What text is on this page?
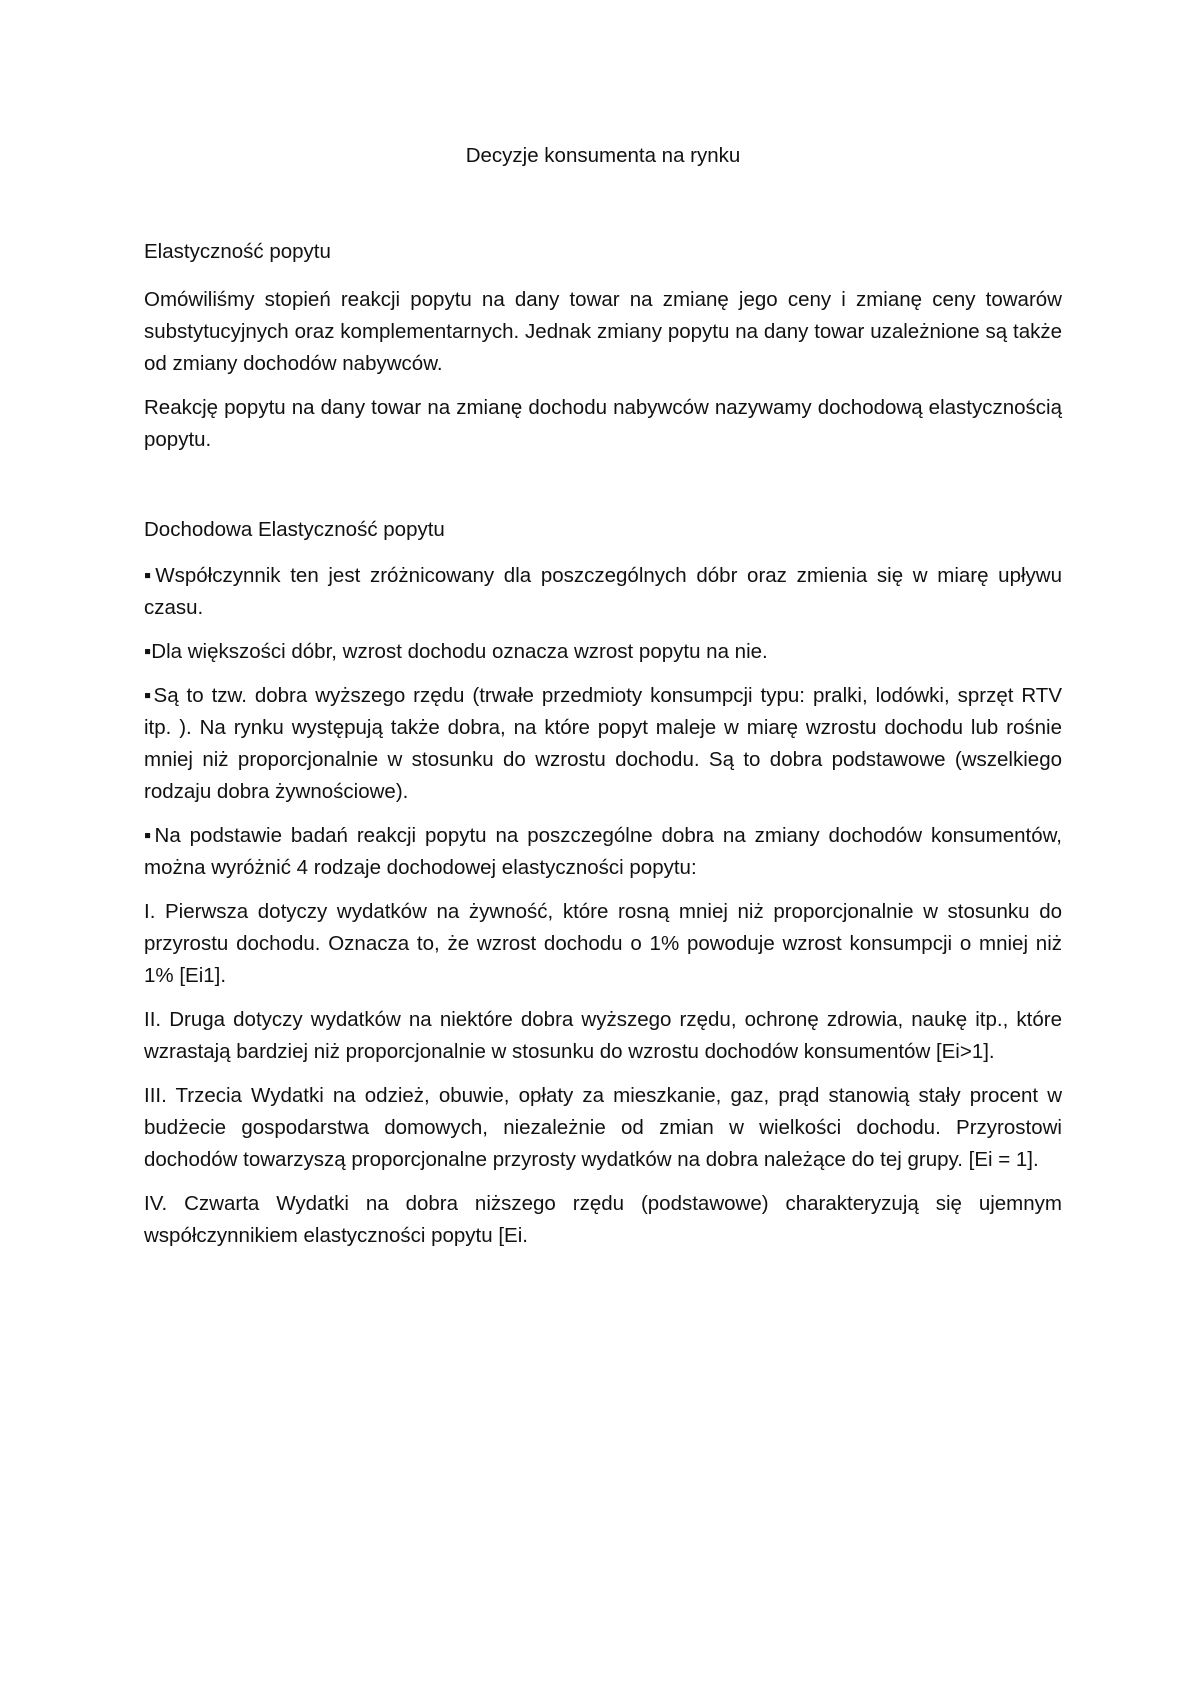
Decyzje konsumenta na rynku

Elastyczność popytu

Omówiliśmy stopień reakcji popytu na dany towar na zmianę jego ceny i zmianę ceny towarów substytucyjnych oraz komplementarnych. Jednak zmiany popytu na dany towar uzależnione są także od zmiany dochodów nabywców.

Reakcję popytu na dany towar na zmianę dochodu nabywców nazywamy dochodową elastycznością popytu.

Dochodowa Elastyczność popytu

▪Współczynnik ten jest zróżnicowany dla poszczególnych dóbr oraz zmienia się w miarę upływu czasu.

▪Dla większości dóbr, wzrost dochodu oznacza wzrost popytu na nie.

▪Są to tzw. dobra wyższego rzędu (trwałe przedmioty konsumpcji typu: pralki, lodówki, sprzęt RTV itp. ). Na rynku występują także dobra, na które popyt maleje w miarę wzrostu dochodu lub rośnie mniej niż proporcjonalnie w stosunku do wzrostu dochodu. Są to dobra podstawowe (wszelkiego rodzaju dobra żywnościowe).

▪Na podstawie badań reakcji popytu na poszczególne dobra na zmiany dochodów konsumentów, można wyróżnić 4 rodzaje dochodowej elastyczności popytu:

I. Pierwsza dotyczy wydatków na żywność, które rosną mniej niż proporcjonalnie w stosunku do przyrostu dochodu. Oznacza to, że wzrost dochodu o 1% powoduje wzrost konsumpcji o mniej niż 1% [Ei1].

II. Druga dotyczy wydatków na niektóre dobra wyższego rzędu, ochronę zdrowia, naukę itp., które wzrastają bardziej niż proporcjonalnie w stosunku do wzrostu dochodów konsumentów [Ei>1].

III. Trzecia Wydatki na odzież, obuwie, opłaty za mieszkanie, gaz, prąd stanowią stały procent w budżecie gospodarstwa domowych, niezależnie od zmian w wielkości dochodu. Przyrostowi dochodów towarzyszą proporcjonalne przyrosty wydatków na dobra należące do tej grupy. [Ei = 1].

IV. Czwarta Wydatki na dobra niższego rzędu (podstawowe) charakteryzują się ujemnym współczynnikiem elastyczności popytu [Ei.
